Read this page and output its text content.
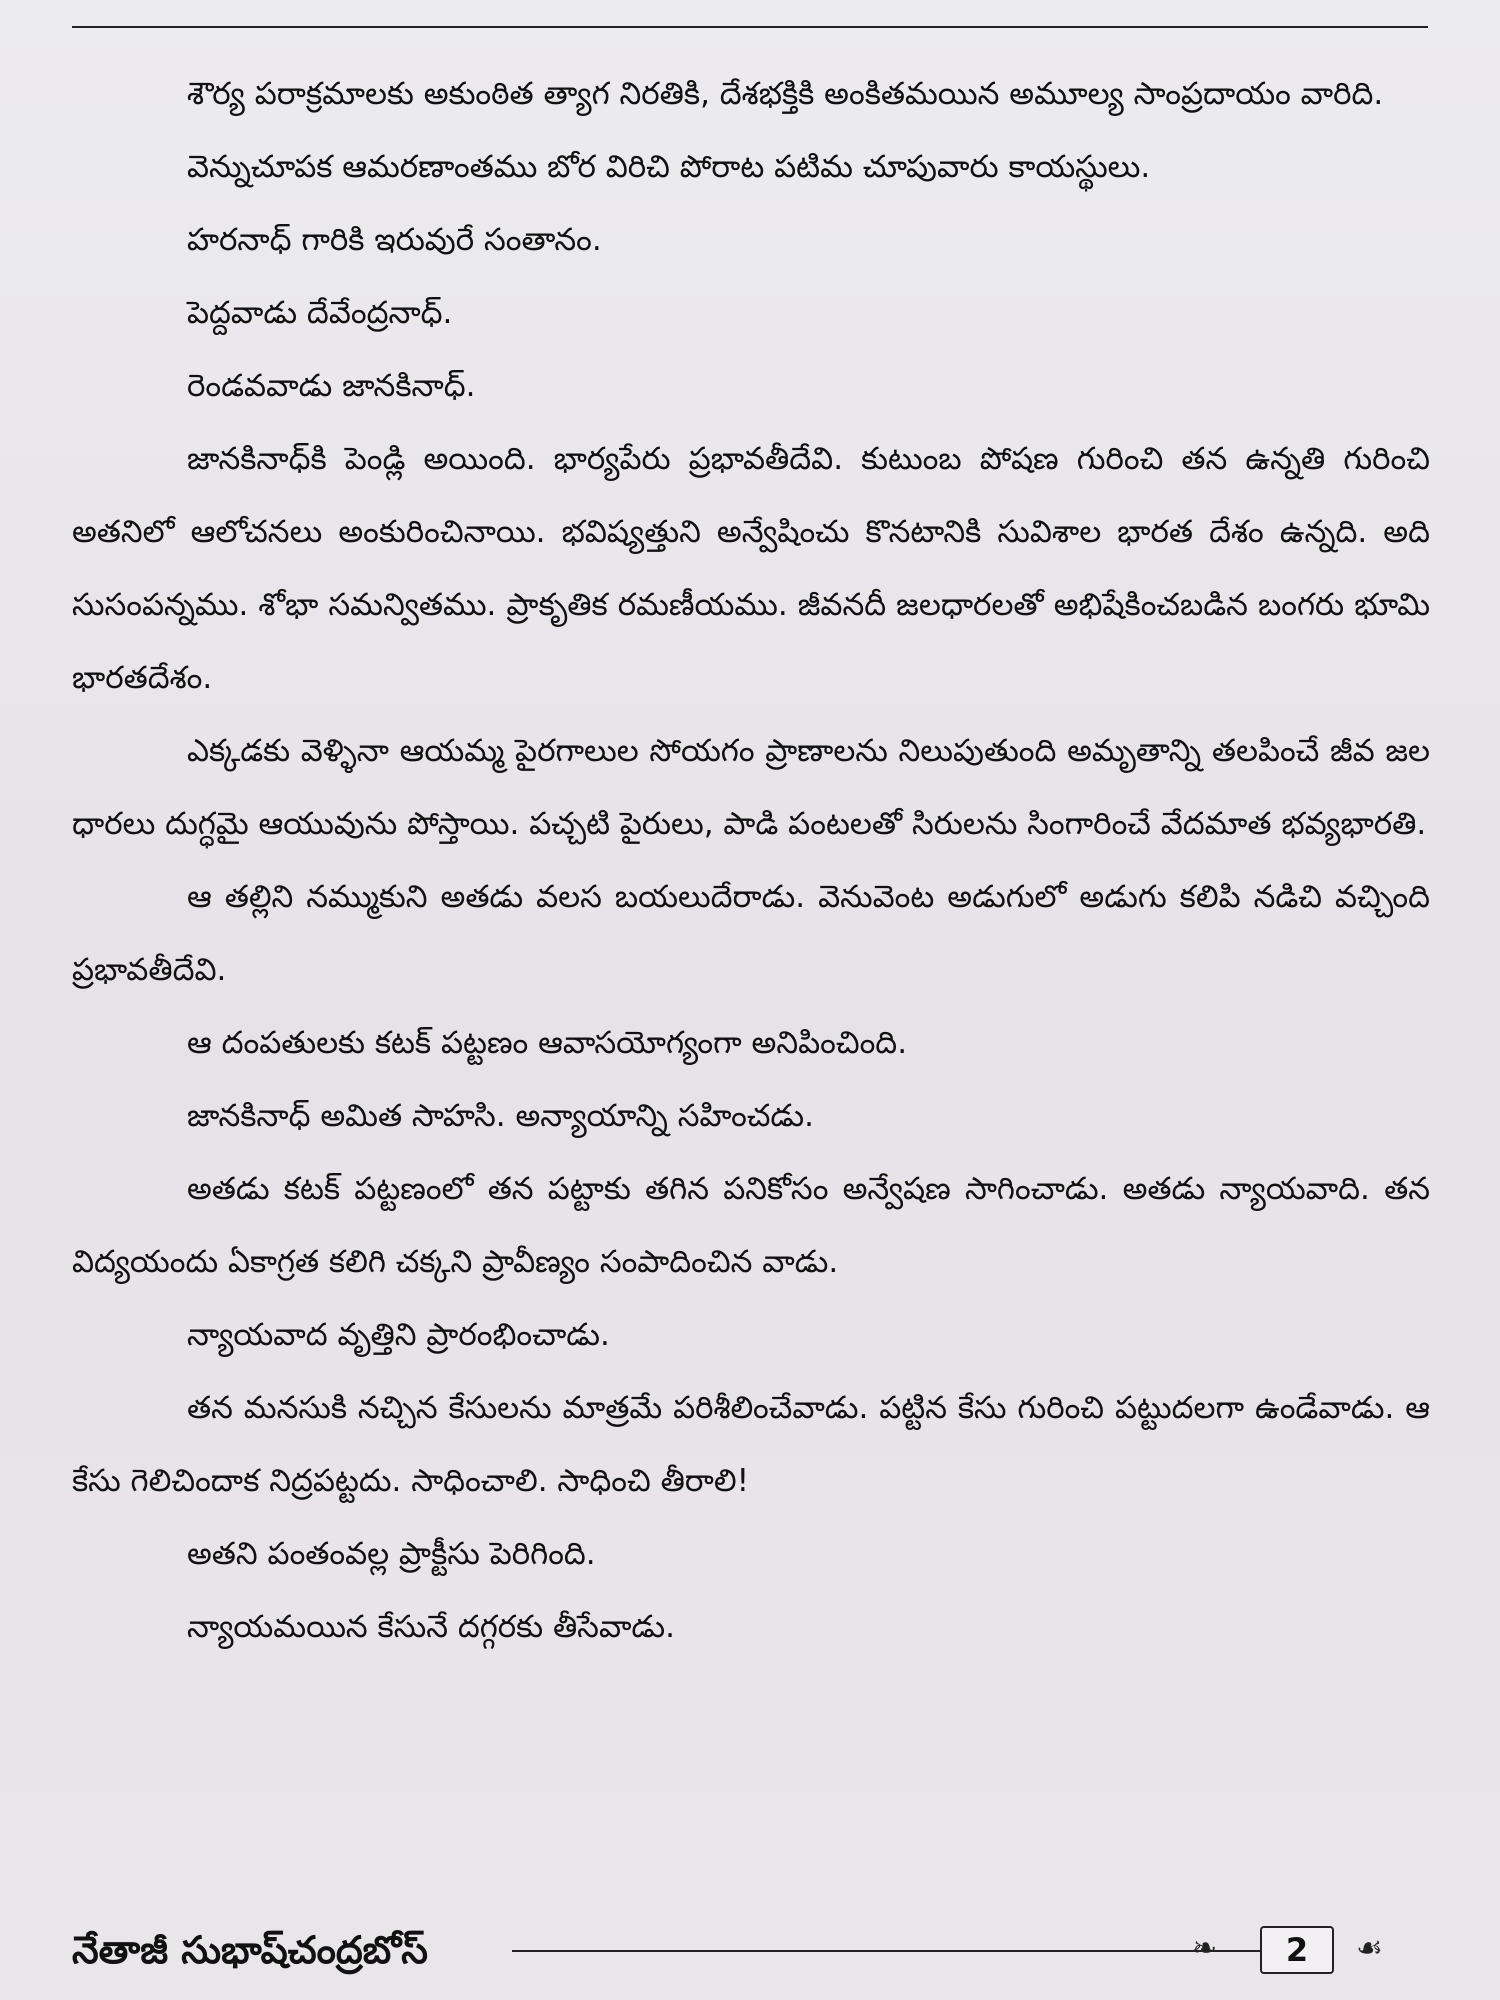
శౌర్య పరాక్రమాలకు అకుంఠిత త్యాగ నిరతికి, దేశభక్తికి అంకితమయిన అమూల్య సాంప్రదాయం వారిది.

వెన్నుచూపక ఆమరణాంతము బోర విరిచి పోరాట పటిమ చూపువారు కాయస్థులు.

హరనాధ్ గారికి ఇరువురే సంతానం.

పెద్దవాడు దేవేంద్రనాధ్.

రెండవవాడు జానకినాధ్.

జానకినాధ్‌కి పెండ్లి అయింది. భార్యపేరు ప్రభావతీదేవి. కుటుంబ పోషణ గురించి తన ఉన్నతి గురించి అతనిలో ఆలోచనలు అంకురించినాయి. భవిష్యత్తుని అన్వేషించు కొనటానికి సువిశాల భారత దేశం ఉన్నది. అది సుసంపన్నము. శోభా సమన్వితము. ప్రాకృతిక రమణీయము. జీవనదీ జలధారలతో అభిషేకించబడిన బంగరు భూమి భారతదేశం.

ఎక్కడకు వెళ్ళినా ఆయమ్మ పైరగాలుల సోయగం ప్రాణాలను నిలుపుతుంది అమృతాన్ని తలపించే జీవ జల ధారలు దుగ్ధమై ఆయువును పోస్తాయి. పచ్చటి పైరులు, పాడి పంటలతో సిరులను సింగారించే వేదమాత భవ్యభారతి.

ఆ తల్లిని నమ్ముకుని అతడు వలస బయలుదేరాడు. వెనువెంట అడుగులో అడుగు కలిపి నడిచి వచ్చింది ప్రభావతీదేవి.

ఆ దంపతులకు కటక్ పట్టణం ఆవాసయోగ్యంగా అనిపించింది.

జానకినాధ్ అమిత సాహసి. అన్యాయాన్ని సహించడు.

అతడు కటక్ పట్టణంలో తన పట్టాకు తగిన పనికోసం అన్వేషణ సాగించాడు. అతడు న్యాయవాది. తన విద్యయందు ఏకాగ్రత కలిగి చక్కని ప్రావీణ్యం సంపాదించిన వాడు.

న్యాయవాద వృత్తిని ప్రారంభించాడు.

తన మనసుకి నచ్చిన కేసులను మాత్రమే పరిశీలించేవాడు. పట్టిన కేసు గురించి పట్టుదలగా ఉండేవాడు. ఆ కేసు గెలిచిందాక నిద్రపట్టదు. సాధించాలి. సాధించి తీరాలి!

అతని పంతంవల్ల ప్రాక్టీసు పెరిగింది.

న్యాయమయిన కేసునే దగ్గరకు తీసేవాడు.

నేతాజీ సుభాష్‌చంద్రబోస్	❧	2	☙
